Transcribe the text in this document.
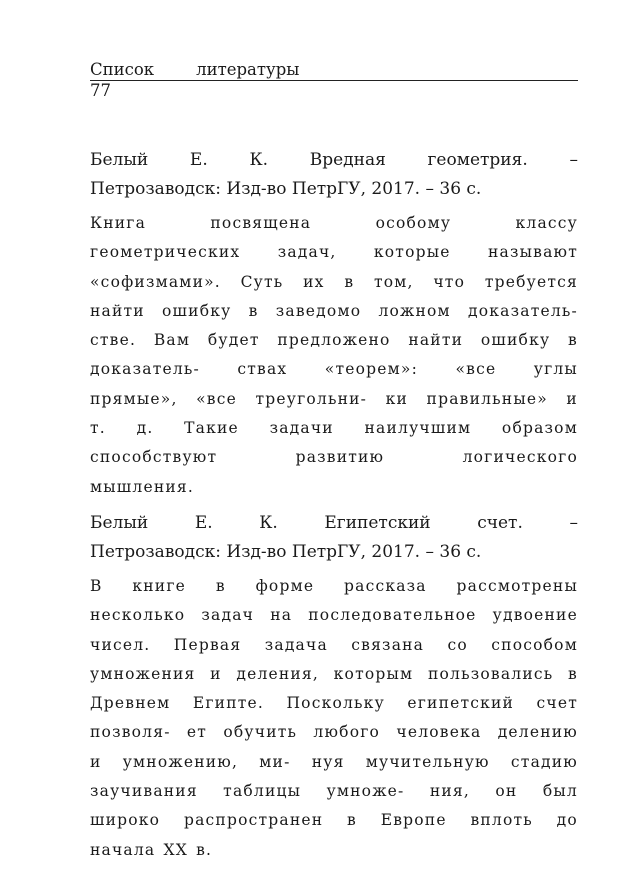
Список	литературы
77
Белый Е. К. Вредная геометрия. –
Петрозаводск: Изд-во ПетрГУ, 2017. – 36 с.
Книга	посвящена	особому	классу
геометрических задач, которые называют
«софизмами». Суть их в том, что требуется
найти ошибку в заведомо ложном доказатель-
стве. Вам будет предложено найти ошибку в
доказатель- ствах «теорем»: «все углы
прямые», «все треугольни- ки правильные» и
т. д. Такие задачи наилучшим образом
способствуют	развитию	логического
мышления.
Белый	Е.	К.	Египетский	счет.	–
Петрозаводск: Изд-во ПетрГУ, 2017. – 36 с.
В книге в форме рассказа рассмотрены
несколько задач на последовательное удвоение
чисел. Первая задача связана со способом
умножения и деления, которым пользовались в
Древнем Египте. Поскольку египетский счет
позволя- ет обучить любого человека делению
и умножению, ми- нуя мучительную стадию
заучивания таблицы умноже- ния, он был
широко распространен в Европе вплоть до
начала XX в.
